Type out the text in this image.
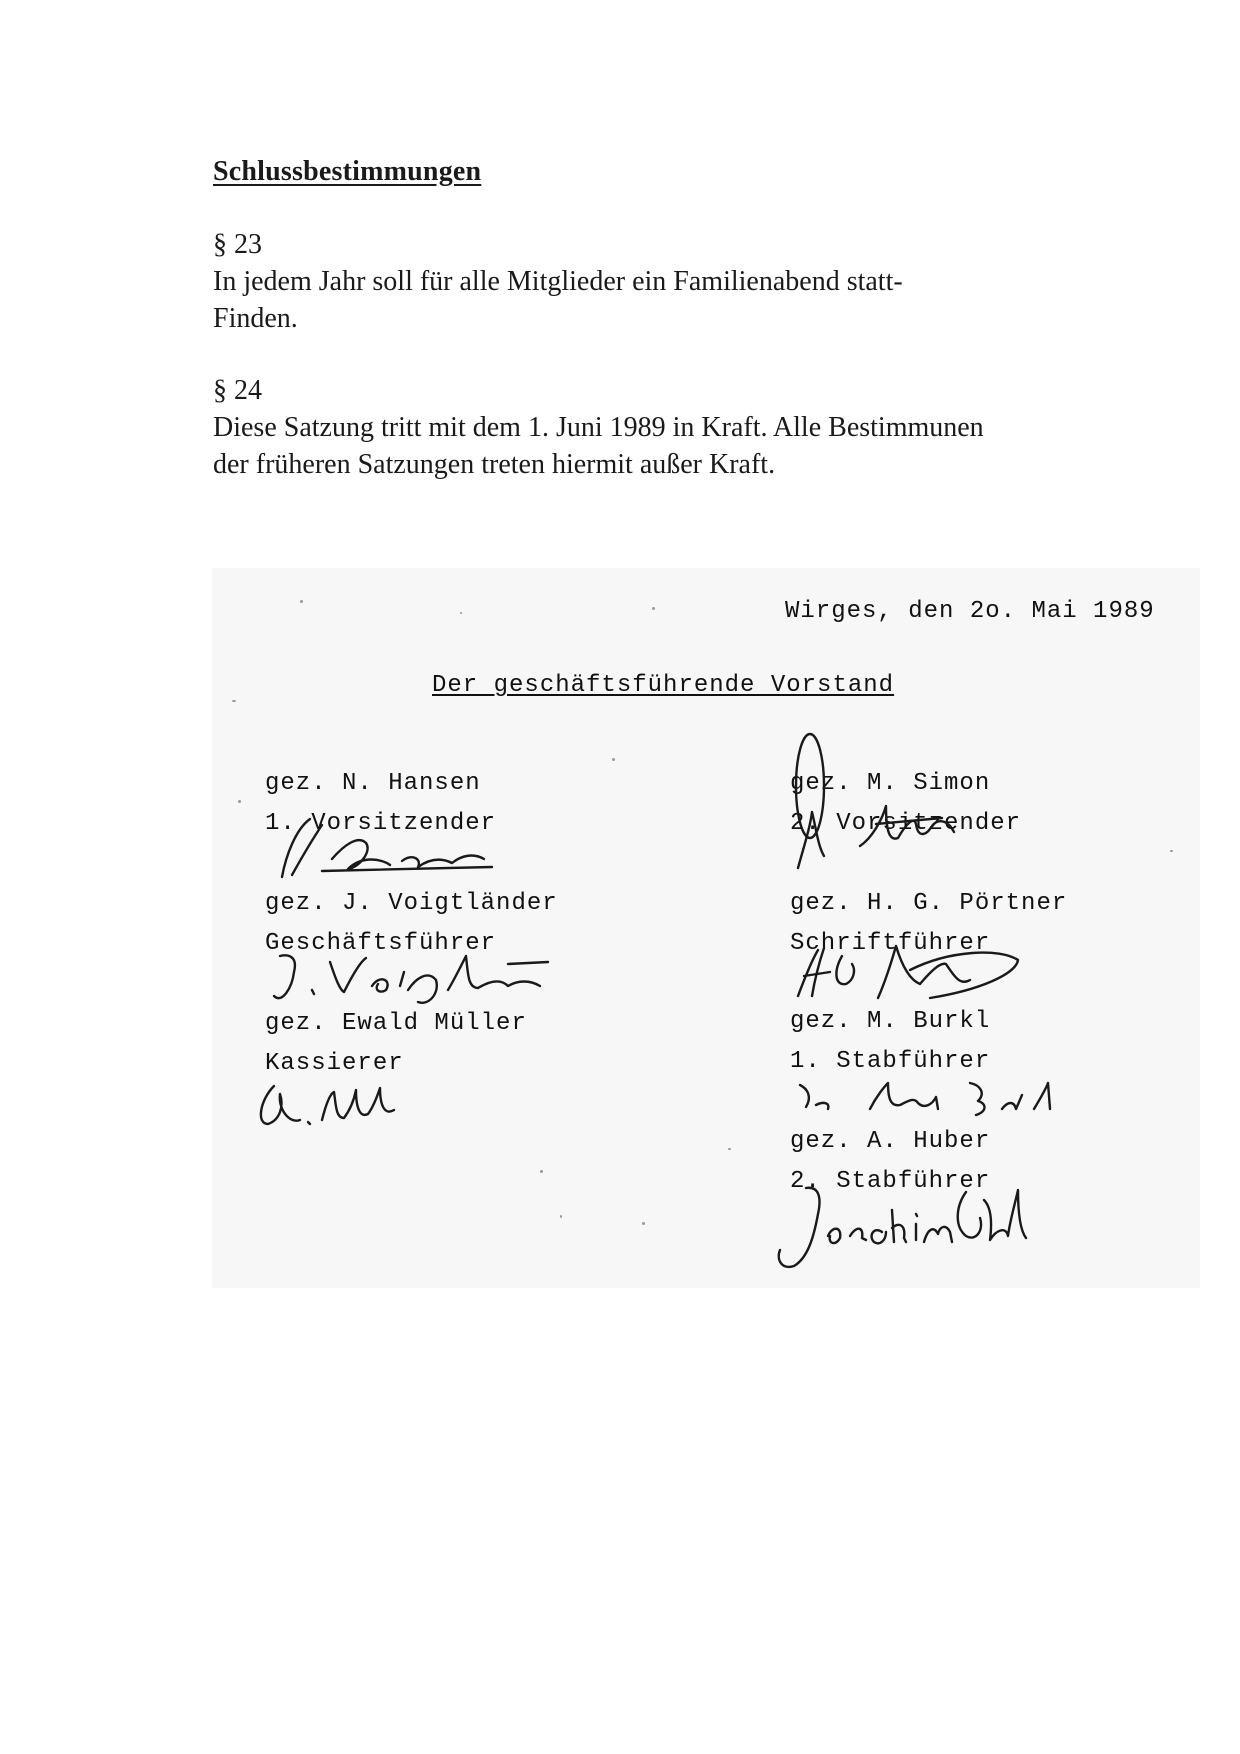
Schlussbestimmungen
§ 23
In jedem Jahr soll für alle Mitglieder ein Familienabend statt-
Finden.
§ 24
Diese Satzung tritt mit dem 1. Juni 1989 in Kraft. Alle Bestimmunen
der früheren Satzungen treten hiermit außer Kraft.
Wirges, den 2o. Mai 1989
Der geschäftsführende Vorstand
gez. N. Hansen
1. Vorsitzender
gez. J. Voigtländer
Geschäftsführer
gez. Ewald Müller
Kassierer
gez. M. Simon
2. Vorsitzender
gez. H. G. Pörtner
Schriftführer
gez. M. Burkl
1. Stabführer
gez. A. Huber
2. Stabführer
